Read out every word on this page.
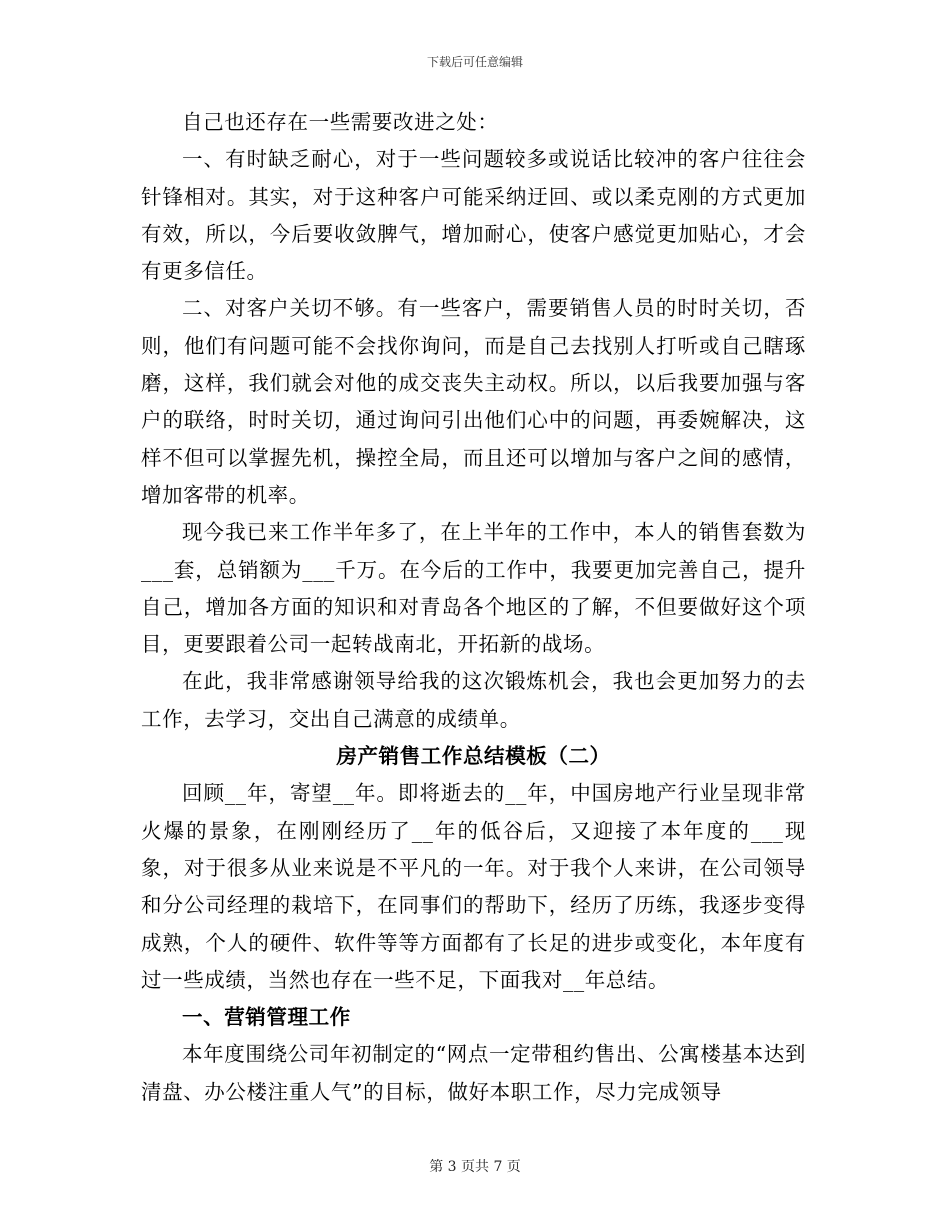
下载后可任意编辑

自己也还存在一些需要改进之处：

一、有时缺乏耐心，对于一些问题较多或说话比较冲的客户往往会针锋相对。其实，对于这种客户可能采纳迂回、或以柔克刚的方式更加有效，所以，今后要收敛脾气，增加耐心，使客户感觉更加贴心，才会有更多信任。

二、对客户关切不够。有一些客户，需要销售人员的时时关切，否则，他们有问题可能不会找你询问，而是自己去找别人打听或自己瞎琢磨，这样，我们就会对他的成交丧失主动权。所以，以后我要加强与客户的联络，时时关切，通过询问引出他们心中的问题，再委婉解决，这样不但可以掌握先机，操控全局，而且还可以增加与客户之间的感情，增加客带的机率。

现今我已来工作半年多了，在上半年的工作中，本人的销售套数为___套，总销额为___千万。在今后的工作中，我要更加完善自己，提升自己，增加各方面的知识和对青岛各个地区的了解，不但要做好这个项目，更要跟着公司一起转战南北，开拓新的战场。

在此，我非常感谢领导给我的这次锻炼机会，我也会更加努力的去工作，去学习，交出自己满意的成绩单。

房产销售工作总结模板（二）

回顾__年，寄望__年。即将逝去的__年，中国房地产行业呈现非常火爆的景象，在刚刚经历了__年的低谷后，又迎接了本年度的___现象，对于很多从业来说是不平凡的一年。对于我个人来讲，在公司领导和分公司经理的栽培下，在同事们的帮助下，经历了历练，我逐步变得成熟，个人的硬件、软件等等方面都有了长足的进步或变化，本年度有过一些成绩，当然也存在一些不足，下面我对__年总结。

一、营销管理工作

本年度围绕公司年初制定的“网点一定带租约售出、公寓楼基本达到清盘、办公楼注重人气”的目标，做好本职工作，尽力完成领导

第 3 页共 7 页
